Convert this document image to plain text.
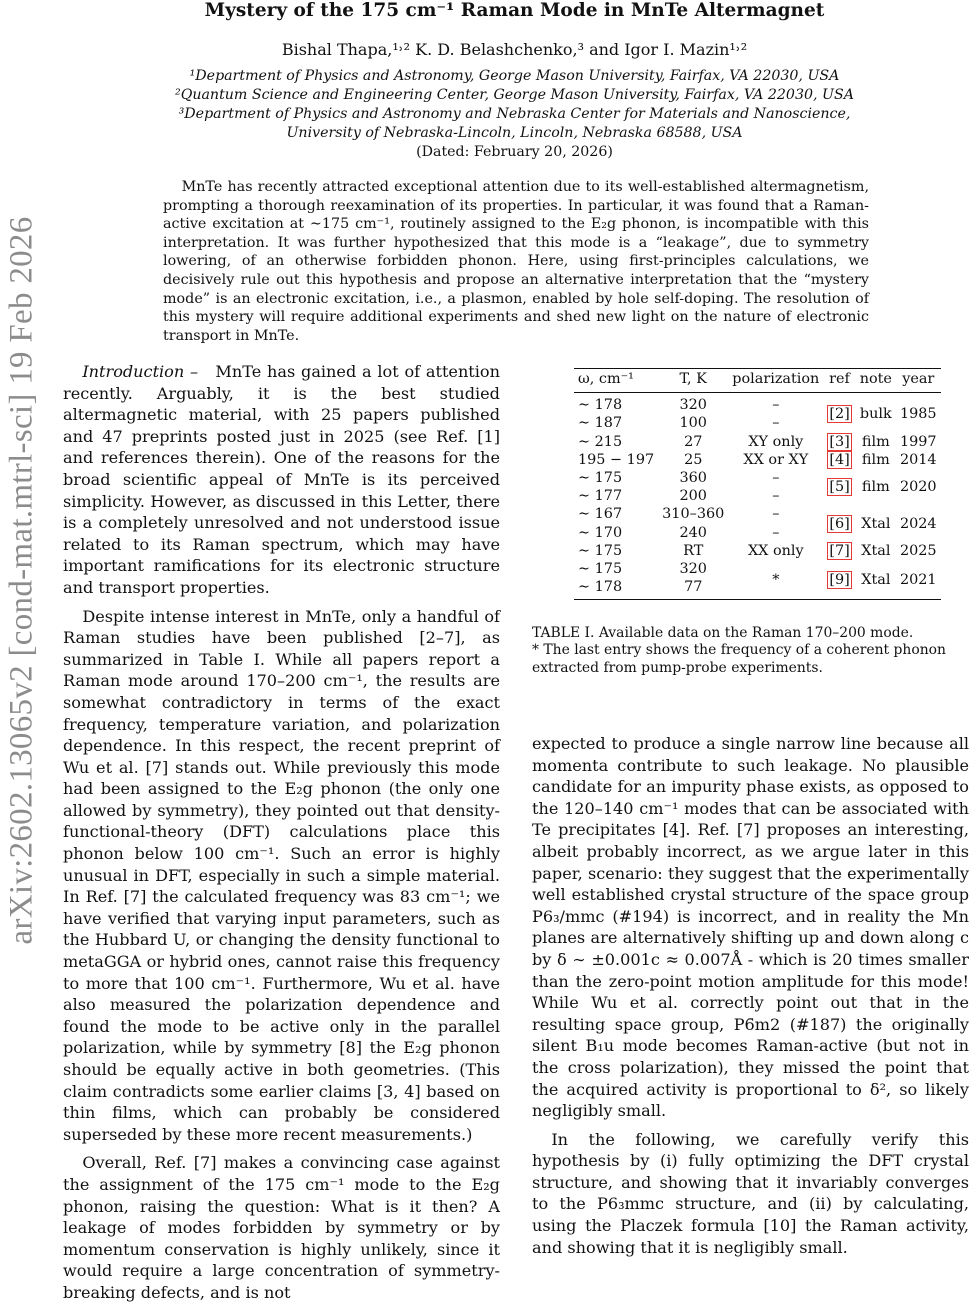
arXiv:2602.13065v2 [cond-mat.mtrl-sci] 19 Feb 2026
Mystery of the 175 cm⁻¹ Raman Mode in MnTe Altermagnet
Bishal Thapa,¹˒² K. D. Belashchenko,³ and Igor I. Mazin¹˒²
¹Department of Physics and Astronomy, George Mason University, Fairfax, VA 22030, USA
²Quantum Science and Engineering Center, George Mason University, Fairfax, VA 22030, USA
³Department of Physics and Astronomy and Nebraska Center for Materials and Nanoscience,
University of Nebraska-Lincoln, Lincoln, Nebraska 68588, USA
(Dated: February 20, 2026)
MnTe has recently attracted exceptional attention due to its well-established altermagnetism, prompting a thorough reexamination of its properties. In particular, it was found that a Raman-active excitation at ∼175 cm⁻¹, routinely assigned to the E₂g phonon, is incompatible with this interpretation. It was further hypothesized that this mode is a “leakage”, due to symmetry lowering, of an otherwise forbidden phonon. Here, using first-principles calculations, we decisively rule out this hypothesis and propose an alternative interpretation that the “mystery mode” is an electronic excitation, i.e., a plasmon, enabled by hole self-doping. The resolution of this mystery will require additional experiments and shed new light on the nature of electronic transport in MnTe.

Introduction – MnTe has gained a lot of attention recently. Arguably, it is the best studied altermagnetic material, with 25 papers published and 47 preprints posted just in 2025 (see Ref. [1] and references therein). One of the reasons for the broad scientific appeal of MnTe is its perceived simplicity. However, as discussed in this Letter, there is a completely unresolved and not understood issue related to its Raman spectrum, which may have important ramifications for its electronic structure and transport properties.

Despite intense interest in MnTe, only a handful of Raman studies have been published [2–7], as summarized in Table I. While all papers report a Raman mode around 170–200 cm⁻¹, the results are somewhat contradictory in terms of the exact frequency, temperature variation, and polarization dependence. In this respect, the recent preprint of Wu et al. [7] stands out. While previously this mode had been assigned to the E₂g phonon (the only one allowed by symmetry), they pointed out that density-functional-theory (DFT) calculations place this phonon below 100 cm⁻¹. Such an error is highly unusual in DFT, especially in such a simple material. In Ref. [7] the calculated frequency was 83 cm⁻¹; we have verified that varying input parameters, such as the Hubbard U, or changing the density functional to metaGGA or hybrid ones, cannot raise this frequency to more that 100 cm⁻¹. Furthermore, Wu et al. have also measured the polarization dependence and found the mode to be active only in the parallel polarization, while by symmetry [8] the E₂g phonon should be equally active in both geometries. (This claim contradicts some earlier claims [3, 4] based on thin films, which can probably be considered superseded by these more recent measurements.)

Overall, Ref. [7] makes a convincing case against the assignment of the 175 cm⁻¹ mode to the E₂g phonon, raising the question: What is it then? A leakage of modes forbidden by symmetry or by momentum conservation is highly unlikely, since it would require a large concentration of symmetry-breaking defects, and is not

ω, cm⁻¹	T, K	polarization	ref	note	year
∼ 178	320	–	[2]	bulk	1985
∼ 187	100	–			
∼ 215	27	XY only	[3]	film	1997
195 − 197	25	XX or XY	[4]	film	2014
∼ 175	360	–	[5]	film	2020
∼ 177	200	–			
∼ 167	310–360	–	[6]	Xtal	2024
∼ 170	240	–			
∼ 175	RT	XX only	[7]	Xtal	2025
∼ 175	320	*	[9]	Xtal	2021
∼ 178	77				
TABLE I. Available data on the Raman 170–200 mode.
* The last entry shows the frequency of a coherent phonon extracted from pump-probe experiments.

expected to produce a single narrow line because all momenta contribute to such leakage. No plausible candidate for an impurity phase exists, as opposed to the 120–140 cm⁻¹ modes that can be associated with Te precipitates [4]. Ref. [7] proposes an interesting, albeit probably incorrect, as we argue later in this paper, scenario: they suggest that the experimentally well established crystal structure of the space group P6₃/mmc (#194) is incorrect, and in reality the Mn planes are alternatively shifting up and down along c by δ ∼ ±0.001c ≈ 0.007Å - which is 20 times smaller than the zero-point motion amplitude for this mode! While Wu et al. correctly point out that in the resulting space group, P6̄m2 (#187) the originally silent B₁u mode becomes Raman-active (but not in the cross polarization), they missed the point that the acquired activity is proportional to δ², so likely negligibly small.

In the following, we carefully verify this hypothesis by (i) fully optimizing the DFT crystal structure, and showing that it invariably converges to the P6₃mmc structure, and (ii) by calculating, using the Placzek formula [10] the Raman activity, and showing that it is negligibly small.
